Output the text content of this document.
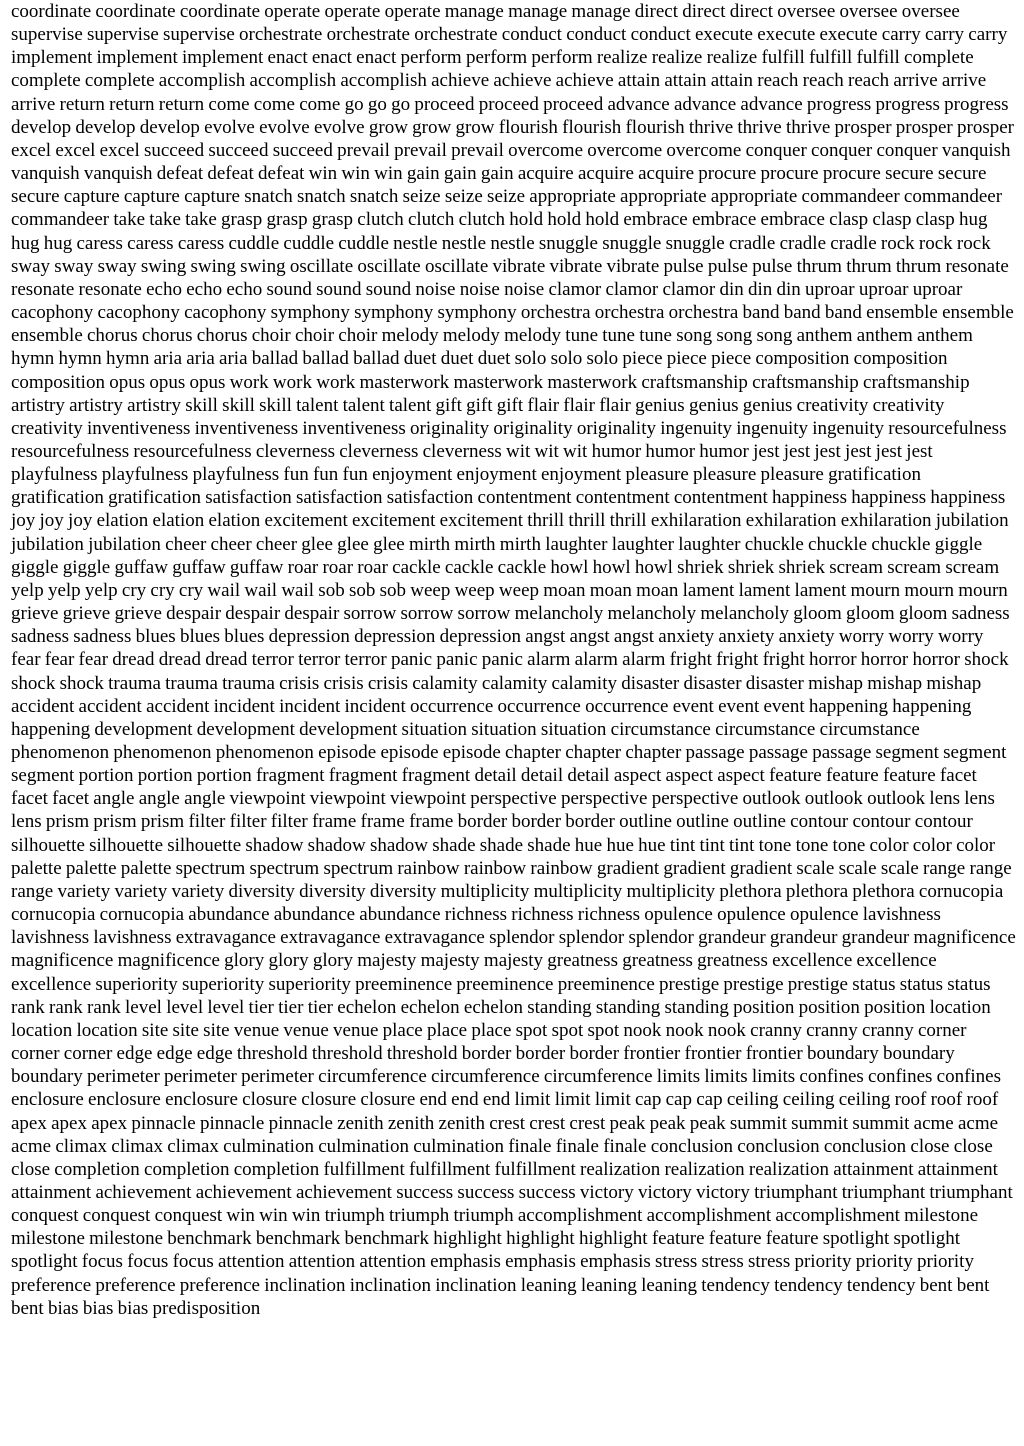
coordinate coordinate coordinate operate operate operate manage manage manage direct direct direct oversee oversee oversee supervise supervise supervise orchestrate orchestrate orchestrate conduct conduct conduct execute execute execute carry carry carry implement implement implement enact enact enact perform perform perform realize realize realize fulfill fulfill fulfill complete complete complete accomplish accomplish accomplish achieve achieve achieve attain attain attain reach reach reach arrive arrive arrive return return return come come come go go go proceed proceed proceed advance advance advance progress progress progress develop develop develop evolve evolve evolve grow grow grow flourish flourish flourish thrive thrive thrive prosper prosper prosper excel excel excel succeed succeed succeed prevail prevail prevail overcome overcome overcome conquer conquer conquer vanquish vanquish vanquish defeat defeat defeat win win win gain gain gain acquire acquire acquire procure procure procure secure secure secure capture capture capture snatch snatch snatch seize seize seize appropriate appropriate appropriate commandeer commandeer commandeer take take take grasp grasp grasp clutch clutch clutch hold hold hold embrace embrace embrace clasp clasp clasp hug hug hug caress caress caress cuddle cuddle cuddle nestle nestle nestle snuggle snuggle snuggle cradle cradle cradle rock rock rock sway sway sway swing swing swing oscillate oscillate oscillate vibrate vibrate vibrate pulse pulse pulse thrum thrum thrum resonate resonate resonate echo echo echo sound sound sound noise noise noise clamor clamor clamor din din din uproar uproar uproar cacophony cacophony cacophony symphony symphony symphony orchestra orchestra orchestra band band band ensemble ensemble ensemble chorus chorus chorus choir choir choir melody melody melody tune tune tune song song song anthem anthem anthem hymn hymn hymn aria aria aria ballad ballad ballad duet duet duet solo solo solo piece piece piece composition composition composition opus opus opus work work work masterwork masterwork masterwork craftsmanship craftsmanship craftsmanship artistry artistry artistry skill skill skill talent talent talent gift gift gift flair flair flair genius genius genius creativity creativity creativity inventiveness inventiveness inventiveness originality originality originality ingenuity ingenuity ingenuity resourcefulness resourcefulness resourcefulness cleverness cleverness cleverness wit wit wit humor humor humor jest jest jest jest jest jest playfulness playfulness playfulness fun fun fun enjoyment enjoyment enjoyment pleasure pleasure pleasure gratification gratification gratification satisfaction satisfaction satisfaction contentment contentment contentment happiness happiness happiness joy joy joy elation elation elation excitement excitement excitement thrill thrill thrill exhilaration exhilaration exhilaration jubilation jubilation jubilation cheer cheer cheer glee glee glee mirth mirth mirth laughter laughter laughter chuckle chuckle chuckle giggle giggle giggle guffaw guffaw guffaw roar roar roar cackle cackle cackle howl howl howl shriek shriek shriek scream scream scream yelp yelp yelp cry cry cry wail wail wail sob sob sob weep weep weep moan moan moan lament lament lament mourn mourn mourn grieve grieve grieve despair despair despair sorrow sorrow sorrow melancholy melancholy melancholy gloom gloom gloom sadness sadness sadness blues blues blues depression depression depression angst angst angst anxiety anxiety anxiety worry worry worry fear fear fear dread dread dread terror terror terror panic panic panic alarm alarm alarm fright fright fright horror horror horror shock shock shock trauma trauma trauma crisis crisis crisis calamity calamity calamity disaster disaster disaster mishap mishap mishap accident accident accident incident incident incident occurrence occurrence occurrence event event event happening happening happening development development development situation situation situation circumstance circumstance circumstance phenomenon phenomenon phenomenon episode episode episode chapter chapter chapter passage passage passage segment segment segment portion portion portion fragment fragment fragment detail detail detail aspect aspect aspect feature feature feature facet facet facet angle angle angle viewpoint viewpoint viewpoint perspective perspective perspective outlook outlook outlook lens lens lens prism prism prism filter filter filter frame frame frame border border border outline outline outline contour contour contour silhouette silhouette silhouette shadow shadow shadow shade shade shade hue hue hue tint tint tint tone tone tone color color color palette palette palette spectrum spectrum spectrum rainbow rainbow rainbow gradient gradient gradient scale scale scale range range range variety variety variety diversity diversity diversity multiplicity multiplicity multiplicity plethora plethora plethora cornucopia cornucopia cornucopia abundance abundance abundance richness richness richness opulence opulence opulence lavishness lavishness lavishness extravagance extravagance extravagance splendor splendor splendor grandeur grandeur grandeur magnificence magnificence magnificence glory glory glory majesty majesty majesty greatness greatness greatness excellence excellence excellence superiority superiority superiority preeminence preeminence preeminence prestige prestige prestige status status status rank rank rank level level level tier tier tier echelon echelon echelon standing standing standing position position position location location location site site site venue venue venue place place place spot spot spot nook nook nook cranny cranny cranny corner corner corner edge edge edge threshold threshold threshold border border border frontier frontier frontier boundary boundary boundary perimeter perimeter perimeter circumference circumference circumference limits limits limits confines confines confines enclosure enclosure enclosure closure closure closure end end end limit limit limit cap cap cap ceiling ceiling ceiling roof roof roof apex apex apex pinnacle pinnacle pinnacle zenith zenith zenith crest crest crest peak peak peak summit summit summit acme acme acme climax climax climax culmination culmination culmination finale finale finale conclusion conclusion conclusion close close close completion completion completion fulfillment fulfillment fulfillment realization realization realization attainment attainment attainment achievement achievement achievement success success success victory victory victory triumphant triumphant triumphant conquest conquest conquest win win win triumph triumph triumph accomplishment accomplishment accomplishment milestone milestone milestone benchmark benchmark benchmark highlight highlight highlight feature feature feature spotlight spotlight spotlight focus focus focus attention attention attention emphasis emphasis emphasis stress stress stress priority priority priority preference preference preference inclination inclination inclination leaning leaning leaning tendency tendency tendency bent bent bent bias bias bias predisposition
